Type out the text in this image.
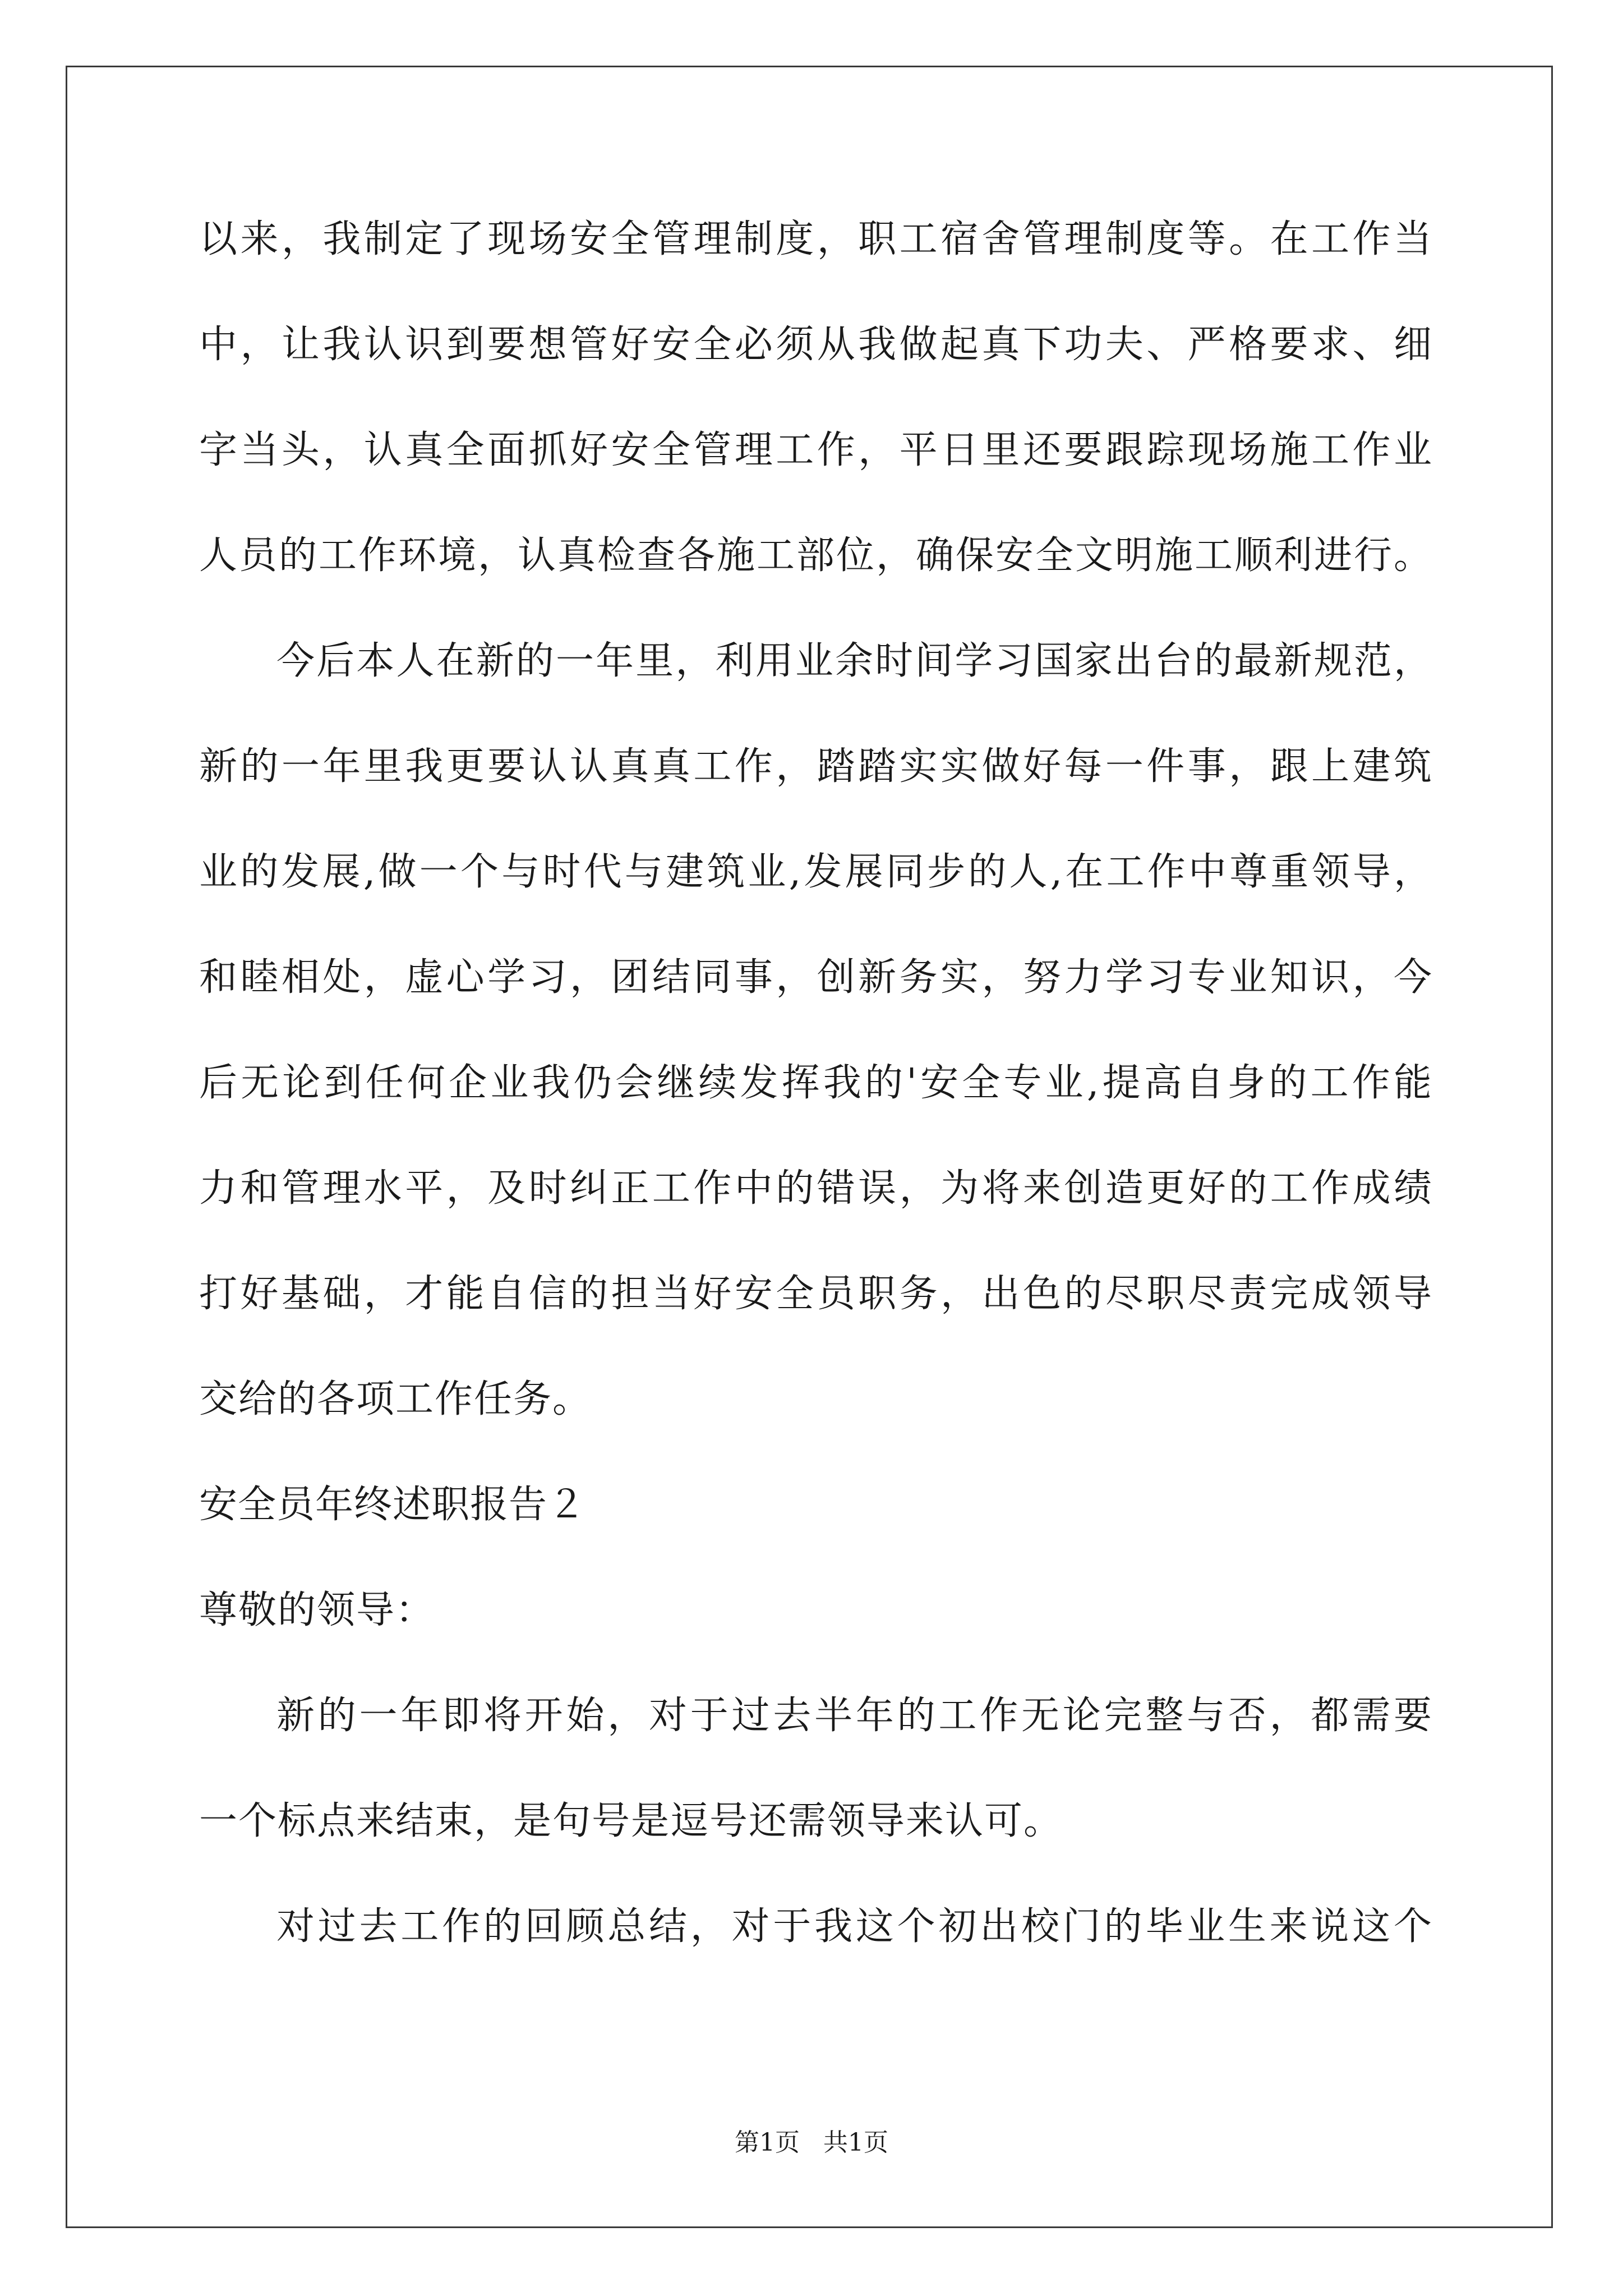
以来，我制定了现场安全管理制度，职工宿舍管理制度等。在工作当
中，让我认识到要想管好安全必须从我做起真下功夫、严格要求、细
字当头，认真全面抓好安全管理工作，平日里还要跟踪现场施工作业
人员的工作环境，认真检查各施工部位，确保安全文明施工顺利进行。
今后本人在新的一年里，利用业余时间学习国家出台的最新规范，
新的一年里我更要认认真真工作，踏踏实实做好每一件事，跟上建筑
业的发展,做一个与时代与建筑业,发展同步的人,在工作中尊重领导，
和睦相处，虚心学习，团结同事，创新务实，努力学习专业知识，今
后无论到任何企业我仍会继续发挥我的'安全专业,提高自身的工作能
力和管理水平，及时纠正工作中的错误，为将来创造更好的工作成绩
打好基础，才能自信的担当好安全员职务，出色的尽职尽责完成领导
交给的各项工作任务。
安全员年终述职报告２
尊敬的领导：
新的一年即将开始，对于过去半年的工作无论完整与否，都需要
一个标点来结束，是句号是逗号还需领导来认可。
对过去工作的回顾总结，对于我这个初出校门的毕业生来说这个
第1页 共1页
